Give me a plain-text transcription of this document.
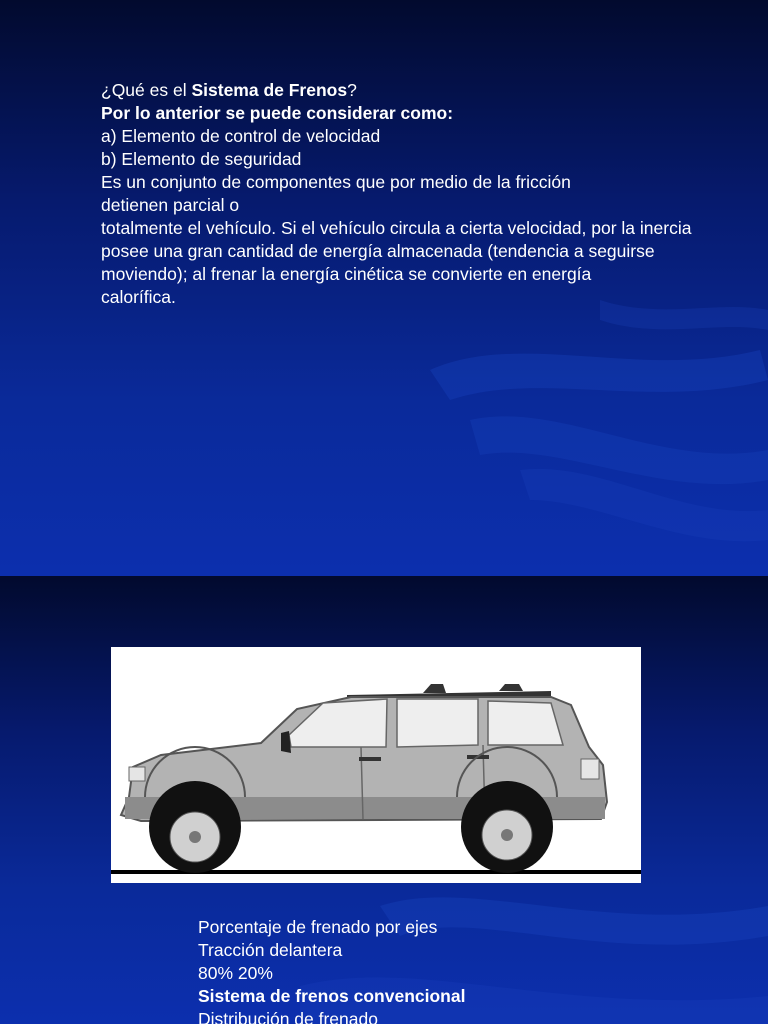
¿Qué es el Sistema de Frenos?
Por lo anterior se puede considerar como:
a) Elemento de control de velocidad
b) Elemento de seguridad
Es un conjunto de componentes que por medio de la fricción detienen parcial o
totalmente el vehículo. Si el vehículo circula a cierta velocidad, por la inercia
posee una gran cantidad de energía almacenada (tendencia a seguirse
moviendo); al frenar la energía cinética se convierte en energía calorífica.
Porcentaje de frenado por ejes
Tracción delantera
80% 20%
Sistema de frenos convencional
Distribución de frenado
